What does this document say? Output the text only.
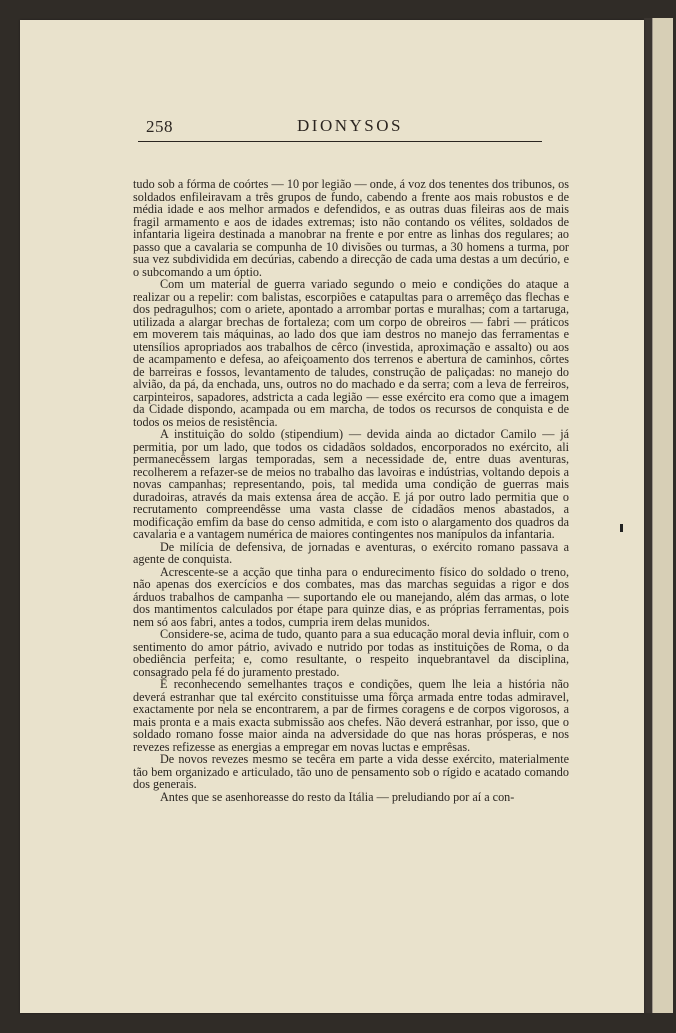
258	DIONYSOS

tudo sob a fórma de coórtes — 10 por legião — onde, á voz dos tenentes dos tribunos, os soldados enfileiravam a três grupos de fundo, cabendo a frente aos mais robustos e de média idade e aos melhor armados e defendidos, e as outras duas fileiras aos de mais fragil armamento e aos de idades extremas; isto não contando os vélites, soldados de infantaria ligeira destinada a manobrar na frente e por entre as linhas dos regulares; ao passo que a cavalaria se compunha de 10 divisões ou turmas, a 30 homens a turma, por sua vez subdividida em decúrias, cabendo a direcção de cada uma destas a um decúrio, e o subcomando a um óptio.

Com um material de guerra variado segundo o meio e condições do ataque a realizar ou a repelir: com balistas, escorpiões e catapultas para o arremêço das flechas e dos pedragulhos; com o ariete, apontado a arrombar portas e muralhas; com a tartaruga, utilizada a alargar brechas de fortaleza; com um corpo de obreiros — fabri — práticos em moverem tais máquinas, ao lado dos que iam destros no manejo das ferramentas e utensílios apropriados aos trabalhos de cêrco (investida, aproximação e assalto) ou aos de acampamento e defesa, ao afeiçoamento dos terrenos e abertura de caminhos, côrtes de barreiras e fossos, levantamento de taludes, construção de paliçadas: no manejo do alvião, da pá, da enchada, uns, outros no do machado e da serra; com a leva de ferreiros, carpinteiros, sapadores, adstricta a cada legião — esse exército era como que a imagem da Cidade dispondo, acampada ou em marcha, de todos os recursos de conquista e de todos os meios de resistência.

A instituição do soldo (stipendium) — devida ainda ao dictador Camilo — já permitia, por um lado, que todos os cidadãos soldados, encorporados no exército, ali permanecêssem largas temporadas, sem a necessidade de, entre duas aventuras, recolherem a refazer-se de meios no trabalho das lavoiras e indústrias, voltando depois a novas campanhas; representando, pois, tal medida uma condição de guerras mais duradoiras, através da mais extensa área de acção. E já por outro lado permitia que o recrutamento compreendêsse uma vasta classe de cidadãos menos abastados, a modificação emfim da base do censo admitida, e com isto o alargamento dos quadros da cavalaria e a vantagem numérica de maiores contingentes nos manípulos da infantaria.

De milícia de defensiva, de jornadas e aventuras, o exército romano passava a agente de conquista.

Acrescente-se a acção que tinha para o endurecimento físico do soldado o treno, não apenas dos exercícios e dos combates, mas das marchas seguidas a rigor e dos árduos trabalhos de campanha — suportando ele ou manejando, além das armas, o lote dos mantimentos calculados por étape para quinze dias, e as próprias ferramentas, pois nem só aos fabri, antes a todos, cumpria irem delas munidos.

Considere-se, acima de tudo, quanto para a sua educação moral devia influir, com o sentimento do amor pátrio, avivado e nutrido por todas as instituições de Roma, o da obediência perfeita; e, como resultante, o respeito inquebrantavel da disciplina, consagrado pela fé do juramento prestado.

E reconhecendo semelhantes traços e condições, quem lhe leia a história não deverá estranhar que tal exército constituisse uma fôrça armada entre todas admiravel, exactamente por nela se encontrarem, a par de firmes coragens e de corpos vigorosos, a mais pronta e a mais exacta submissão aos chefes. Não deverá estranhar, por isso, que o soldado romano fosse maior ainda na adversidade do que nas horas prósperas, e nos revezes refizesse as energias a empregar em novas luctas e emprêsas.

De novos revezes mesmo se tecêra em parte a vida desse exército, materialmente tão bem organizado e articulado, tão uno de pensamento sob o rígido e acatado comando dos generais.

Antes que se asenhoreasse do resto da Itália — preludiando por aí a con-
